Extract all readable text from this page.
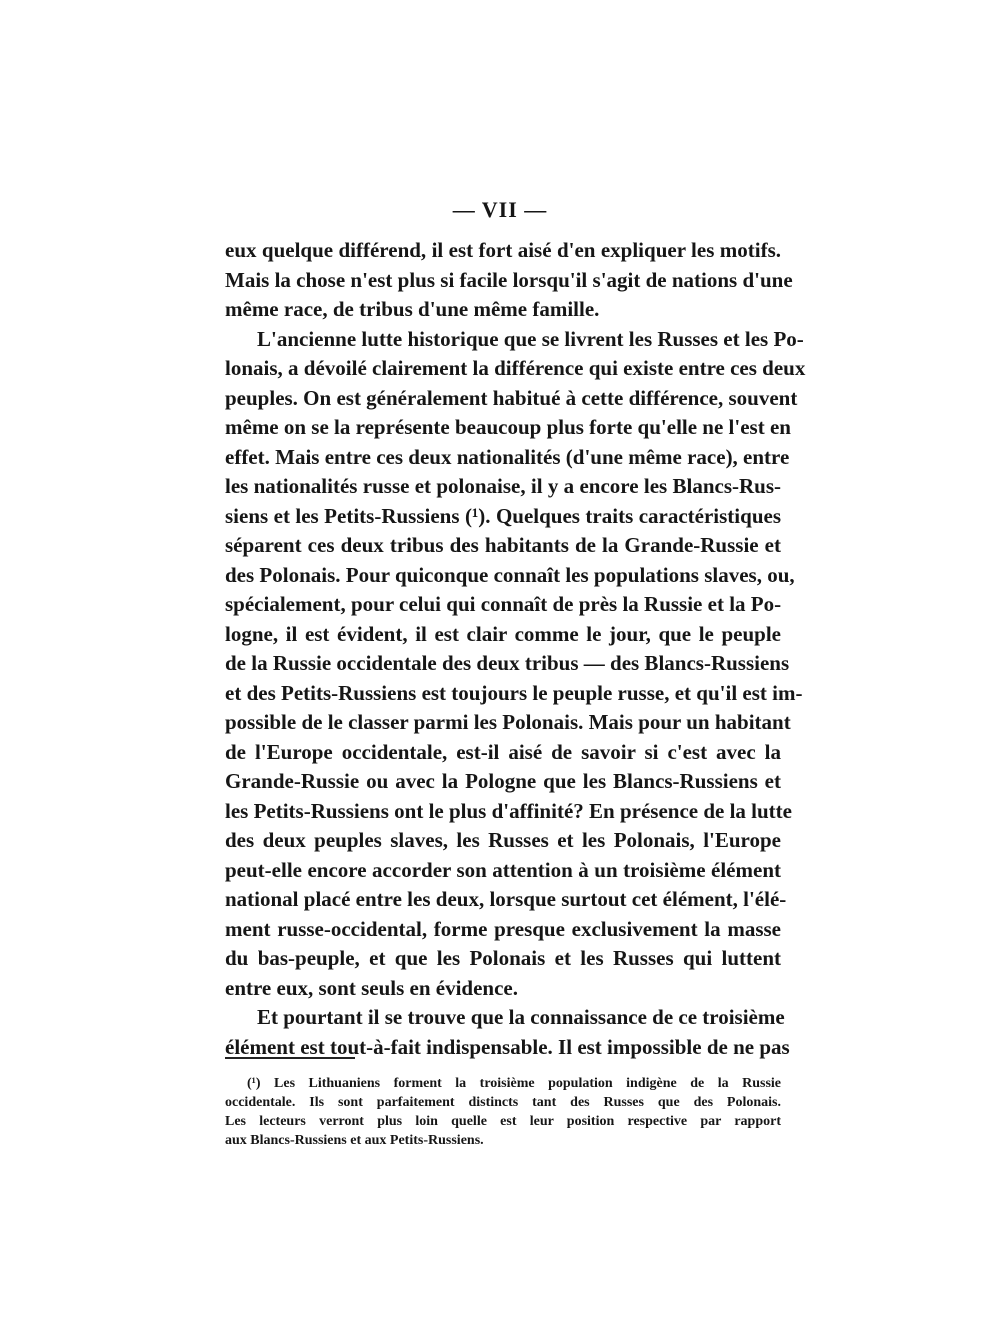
— VII —
eux quelque différend, il est fort aisé d'en expliquer les motifs.
Mais la chose n'est plus si facile lorsqu'il s'agit de nations d'une
même race, de tribus d'une même famille.
L'ancienne lutte historique que se livrent les Russes et les Po-
lonais, a dévoilé clairement la différence qui existe entre ces deux
peuples. On est généralement habitué à cette différence, souvent
même on se la représente beaucoup plus forte qu'elle ne l'est en
effet. Mais entre ces deux nationalités (d'une même race), entre
les nationalités russe et polonaise, il y a encore les Blancs-Rus-
siens et les Petits-Russiens (¹). Quelques traits caractéristiques
séparent ces deux tribus des habitants de la Grande-Russie et
des Polonais. Pour quiconque connaît les populations slaves, ou,
spécialement, pour celui qui connaît de près la Russie et la Po-
logne, il est évident, il est clair comme le jour, que le peuple
de la Russie occidentale des deux tribus — des Blancs-Russiens
et des Petits-Russiens est toujours le peuple russe, et qu'il est im-
possible de le classer parmi les Polonais. Mais pour un habitant
de l'Europe occidentale, est-il aisé de savoir si c'est avec la
Grande-Russie ou avec la Pologne que les Blancs-Russiens et
les Petits-Russiens ont le plus d'affinité? En présence de la lutte
des deux peuples slaves, les Russes et les Polonais, l'Europe
peut-elle encore accorder son attention à un troisième élément
national placé entre les deux, lorsque surtout cet élément, l'élé-
ment russe-occidental, forme presque exclusivement la masse
du bas-peuple, et que les Polonais et les Russes qui luttent
entre eux, sont seuls en évidence.
Et pourtant il se trouve que la connaissance de ce troisième
élément est tout-à-fait indispensable. Il est impossible de ne pas
(¹) Les Lithuaniens forment la troisième population indigène de la Russie
occidentale. Ils sont parfaitement distincts tant des Russes que des Polonais.
Les lecteurs verront plus loin quelle est leur position respective par rapport
aux Blancs-Russiens et aux Petits-Russiens.
